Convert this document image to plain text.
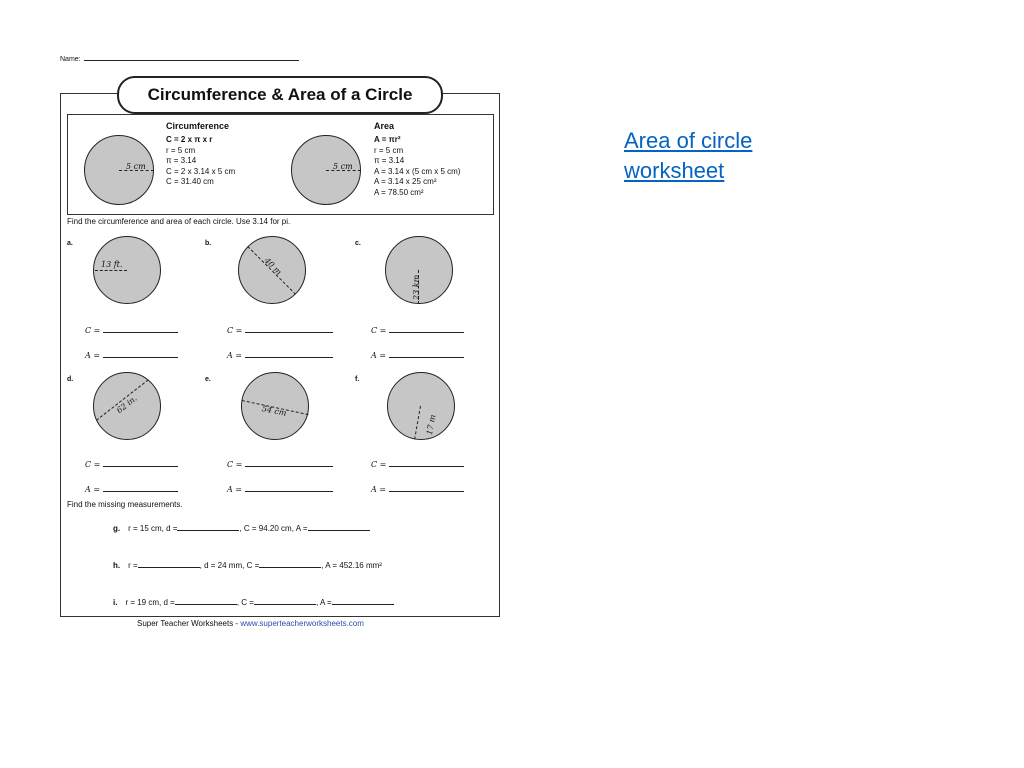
Name:
Circumference & Area of a Circle
5 cm
Circumference
C = 2 x π x r
r = 5 cm
π = 3.14
C = 2 x 3.14 x 5 cm
C = 31.40 cm
5 cm
Area
A = πr²
r = 5 cm
π = 3.14
A = 3.14 x (5 cm x 5 cm)
A = 3.14 x 25 cm²
A = 78.50 cm²
Find the circumference and area of each circle. Use 3.14 for pi.
a.
13 ft.
b.
40 m
c.
23 km
C =
A =
C =
A =
C =
A =
d.
62 in.
e.
54 cm
f.
17 m
C =
A =
C =
A =
C =
A =
Find the missing measurements.
g. r = 15 cm, d =	, C = 94.20 cm, A =
h. r =	, d = 24 mm, C =	, A = 452.16 mm²
i. r = 19 cm, d =	, C =	, A =
Super Teacher Worksheets - www.superteacherworksheets.com
Area of circle worksheet
